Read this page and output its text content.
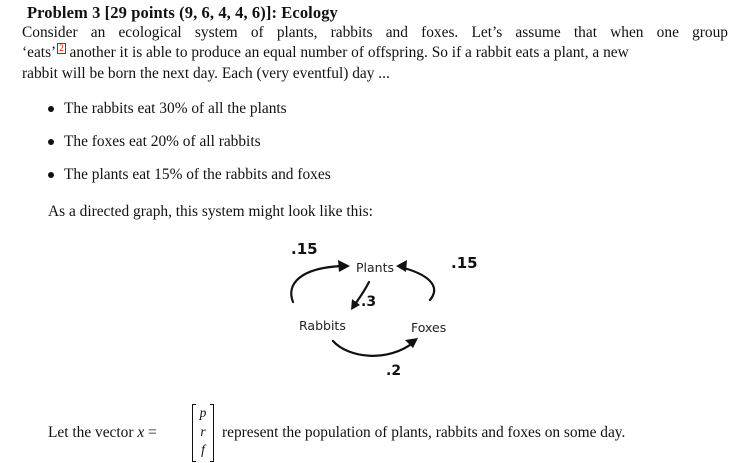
Problem 3 [29 points (9, 6, 4, 4, 6)]: Ecology
Consider an ecological system of plants, rabbits and foxes. Let’s assume that when one group
‘eats’ 2 another it is able to produce an equal number of offspring. So if a rabbit eats a plant, a new
rabbit will be born the next day. Each (very eventful) day ...
The rabbits eat 30% of all the plants
The foxes eat 20% of all rabbits
The plants eat 15% of the rabbits and foxes
As a directed graph, this system might look like this:
Plants
Rabbits	Foxes
.15
.15
.3
.2
Let the vector x =
p
r
f
represent the population of plants, rabbits and foxes on some day.
